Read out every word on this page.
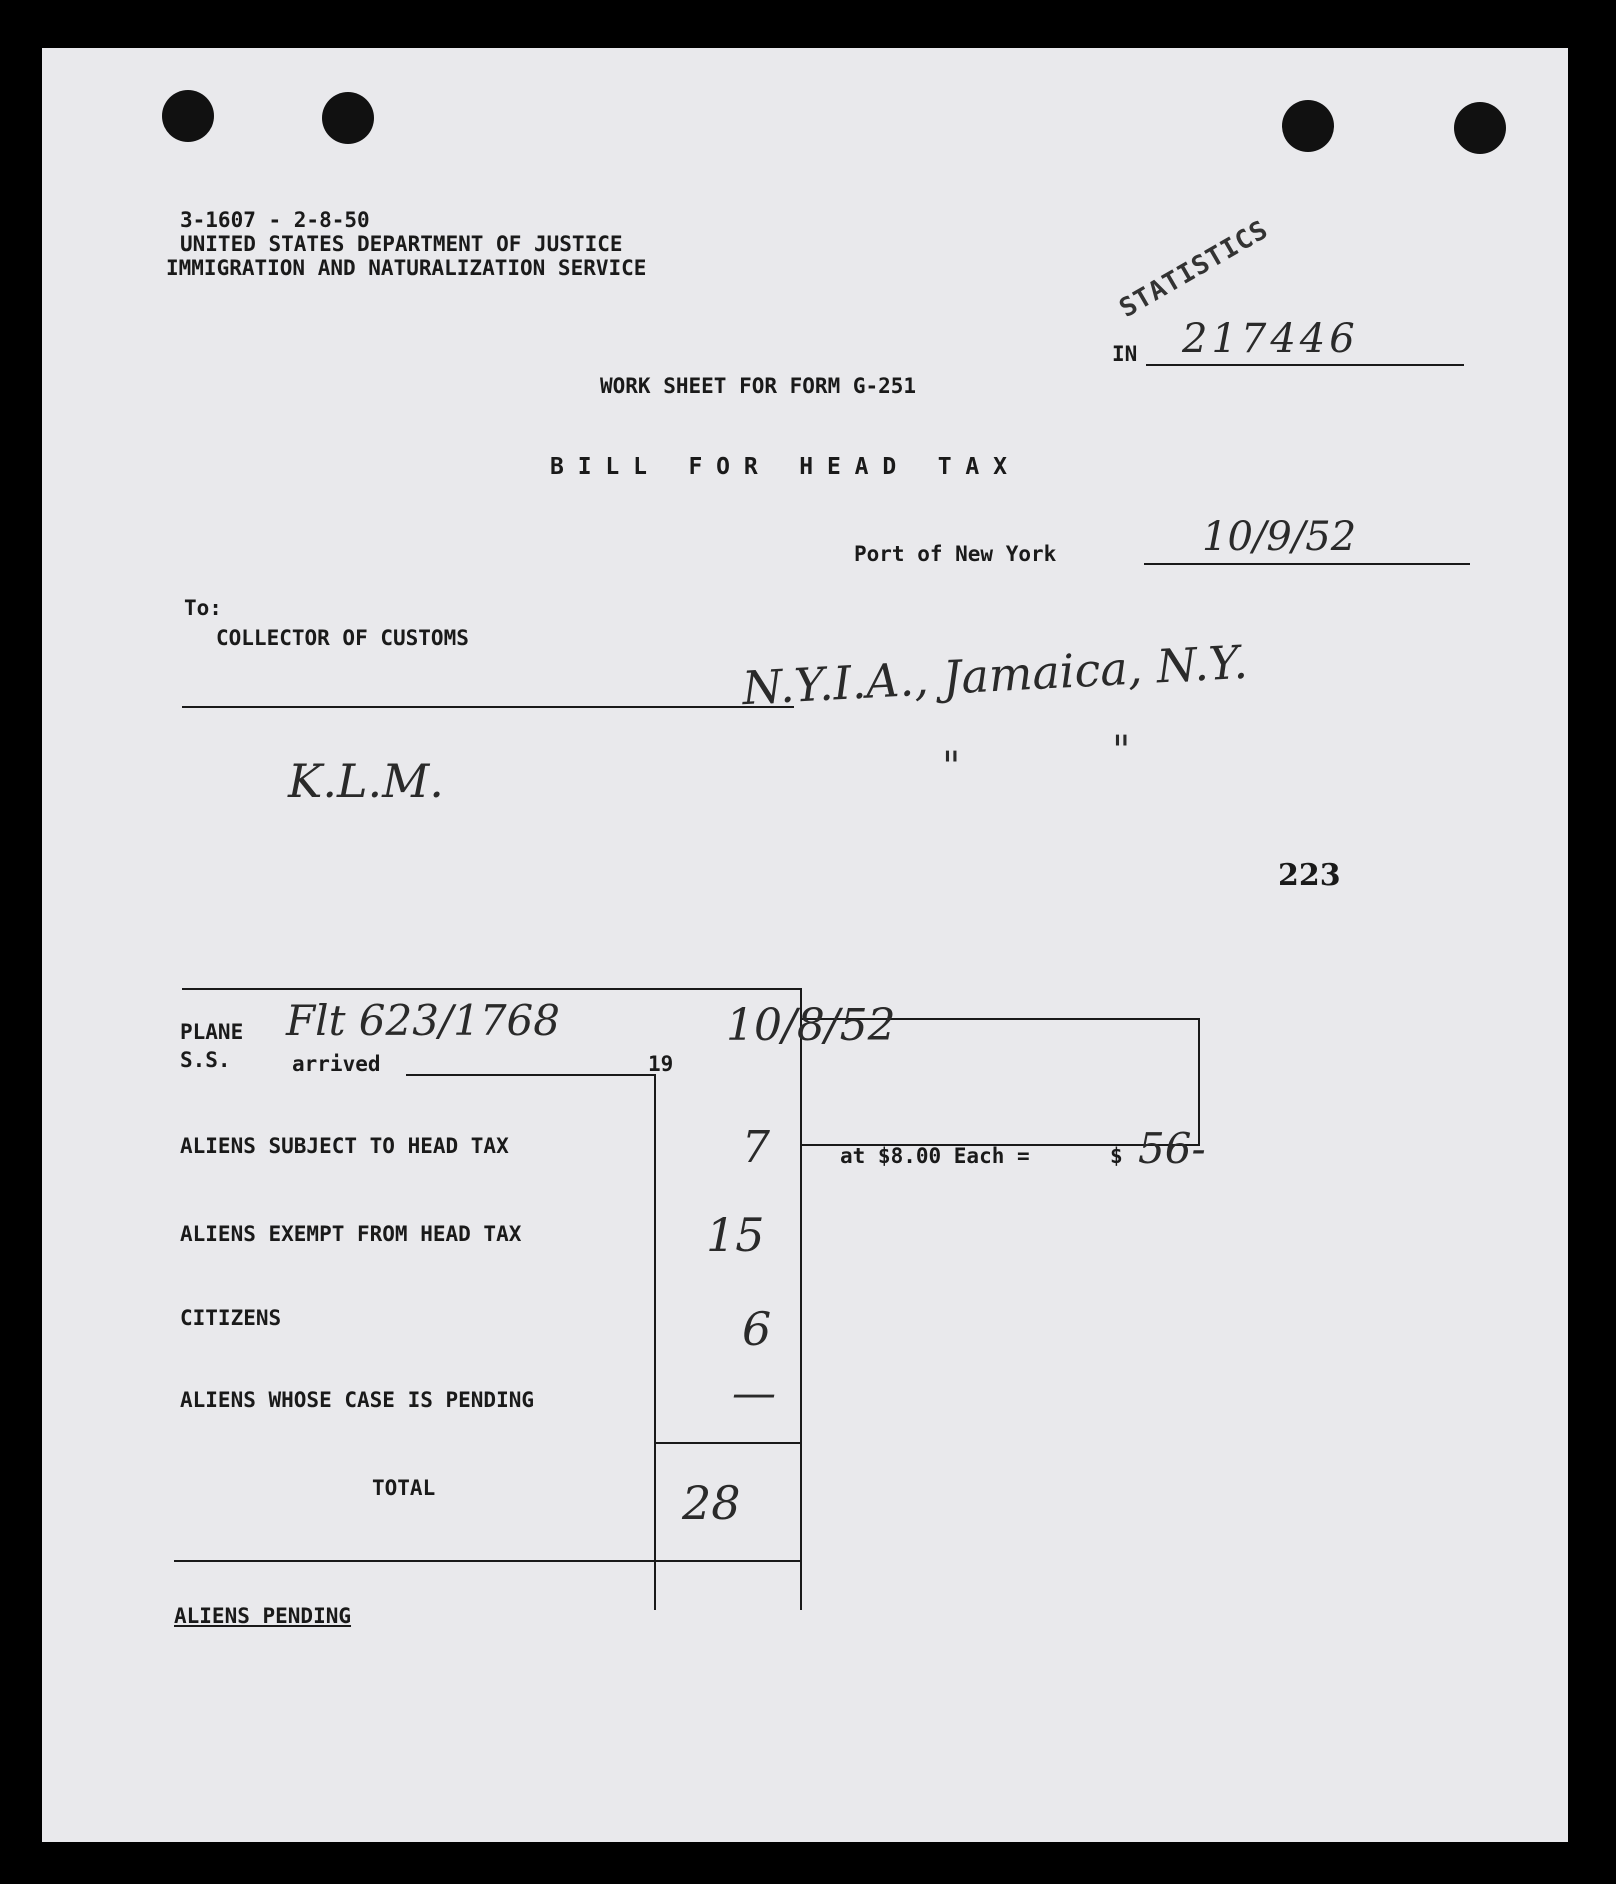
3-1607 - 2-8-50
UNITED STATES DEPARTMENT OF JUSTICE
IMMIGRATION AND NATURALIZATION SERVICE	STATISTICS
IN 217446
WORK SHEET FOR FORM G-251
B I L L   F O R   H E A D   T A X
Port of New York	10/9/52
To:
COLLECTOR OF CUSTOMS	N.Y.I.A., Jamaica, N.Y.
K.L.M.	"	"
223
PLANE
S.S.	arrived	19
Flt 623/1768	10/8/52
ALIENS SUBJECT TO HEAD TAX	7
ALIENS EXEMPT FROM HEAD TAX	15
CITIZENS	6
ALIENS WHOSE CASE IS PENDING	—
TOTAL	28
at $8.00 Each =	$ 56-
ALIENS PENDING
